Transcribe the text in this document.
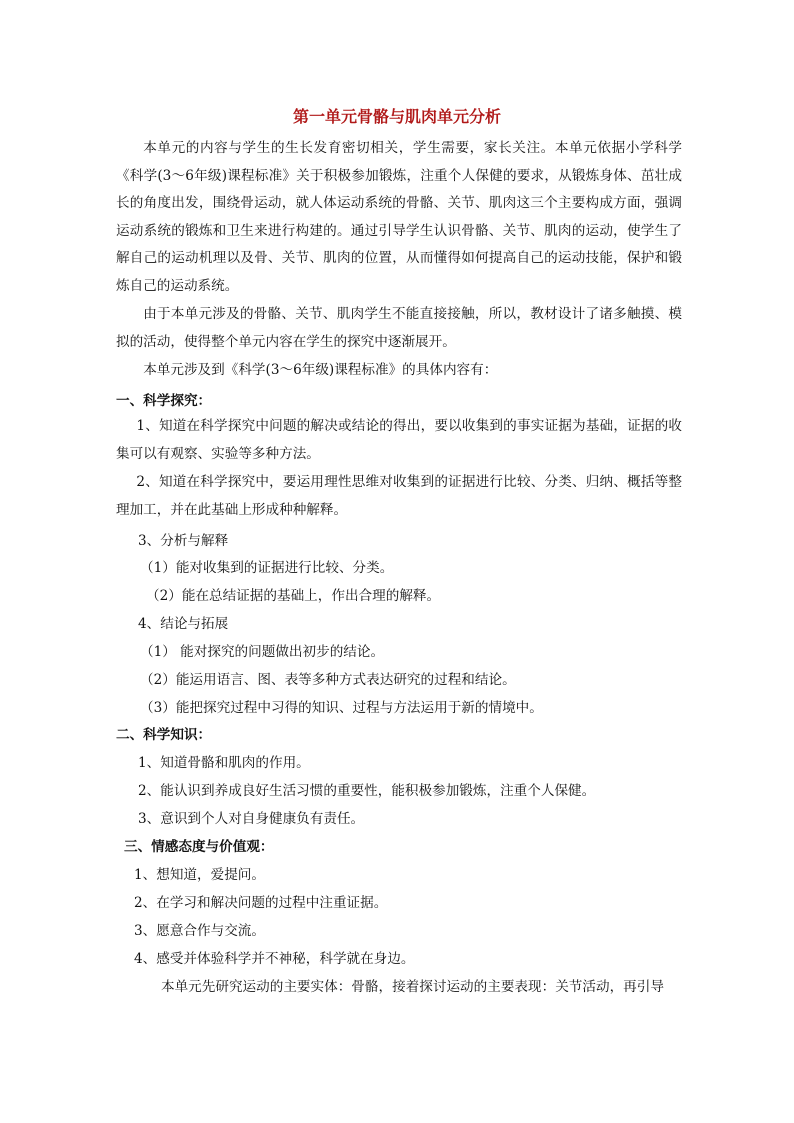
第一单元骨骼与肌肉单元分析

本单元的内容与学生的生长发育密切相关，学生需要，家长关注。本单元依据小学科学《科学(3～6年级)课程标准》关于积极参加锻炼，注重个人保健的要求，从锻炼身体、茁壮成长的角度出发，围绕骨运动，就人体运动系统的骨骼、关节、肌肉这三个主要构成方面，强调运动系统的锻炼和卫生来进行构建的。通过引导学生认识骨骼、关节、肌肉的运动，使学生了解自己的运动机理以及骨、关节、肌肉的位置，从而懂得如何提高自己的运动技能，保护和锻炼自己的运动系统。

由于本单元涉及的骨骼、关节、肌肉学生不能直接接触，所以，教材设计了诸多触摸、模拟的活动，使得整个单元内容在学生的探究中逐渐展开。

本单元涉及到《科学(3～6年级)课程标准》的具体内容有：

一、科学探究：

1、知道在科学探究中问题的解决或结论的得出，要以收集到的事实证据为基础，证据的收集可以有观察、实验等多种方法。

2、知道在科学探究中，要运用理性思维对收集到的证据进行比较、分类、归纳、概括等整理加工，并在此基础上形成种种解释。

3、分析与解释

（1）能对收集到的证据进行比较、分类。

（2）能在总结证据的基础上，作出合理的解释。

4、结论与拓展

（1） 能对探究的问题做出初步的结论。

（2）能运用语言、图、表等多种方式表达研究的过程和结论。

（3）能把探究过程中习得的知识、过程与方法运用于新的情境中。

二、科学知识：

1、知道骨骼和肌肉的作用。

2、能认识到养成良好生活习惯的重要性，能积极参加锻炼，注重个人保健。

3、意识到个人对自身健康负有责任。

三、情感态度与价值观：

1、想知道，爱提问。

2、在学习和解决问题的过程中注重证据。

3、愿意合作与交流。

4、感受并体验科学并不神秘，科学就在身边。

本单元先研究运动的主要实体：骨骼，接着探讨运动的主要表现：关节活动，再引导
